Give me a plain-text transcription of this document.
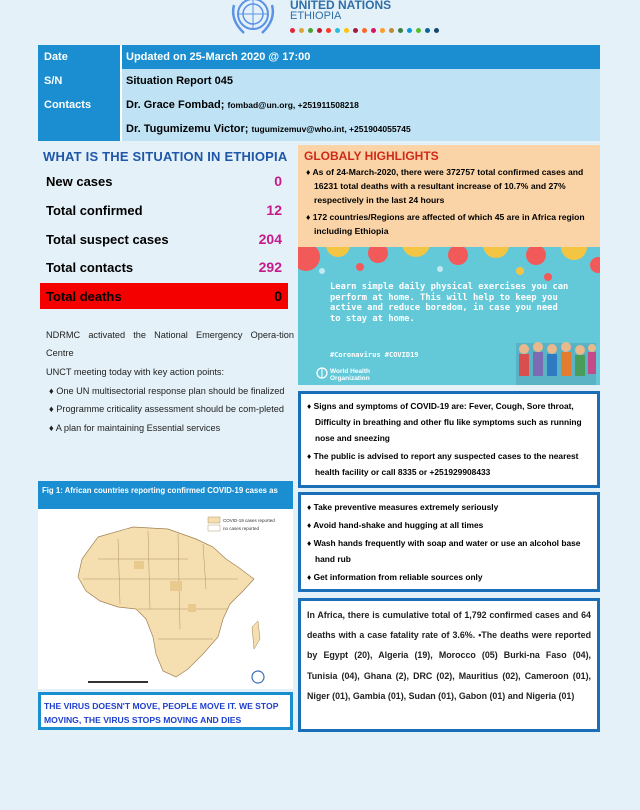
UNITED NATIONS
ETHIOPIA
Date	Updated on 25-March 2020 @ 17:00
S/N	Situation Report 045
Contacts	Dr. Grace Fombad; fombad@un.org, +251911508218
Dr. Tugumizemu Victor; tugumizemuv@who.int, +251904055745
WHAT IS THE SITUATION IN ETHIOPIA
New cases	0
Total confirmed	12
Total suspect cases	204
Total contacts	292
Total deaths	0

NDRMC activated the National Emergency Opera-tion Centre

UNCT meeting today with key action points:

♦ One UN multisectorial response plan should be finalized

♦ Programme criticality assessment should be com-pleted

♦ A plan for maintaining Essential services

Fig 1: African countries reporting confirmed COVID-19 cases as
COVID-19 cases reported
no cases reported
THE VIRUS DOESN'T MOVE, PEOPLE MOVE IT. WE STOP MOVING, THE VIRUS STOPS MOVING AND DIES
GLOBALY HIGHLIGHTS

♦ As of 24-March-2020, there were 372757 total confirmed cases and 16231 total deaths with a resultant increase of 10.7% and 27% respectively in the last 24 hours

♦ 172 countries/Regions are affected of which 45 are in Africa region including Ethiopia

Learn simple daily physical exercises you can perform at home. This will help to keep you active and reduce boredom, in case you need to stay at home.
#Coronavirus #COVID19
World Health Organization

♦ Signs and symptoms of COVID-19 are: Fever, Cough, Sore throat, Difficulty in breathing and other flu like symptoms such as running nose and sneezing

♦ The public is advised to report any suspected cases to the nearest health facility or call 8335 or +251929908433

♦ Take preventive measures extremely seriously

♦ Avoid hand-shake and hugging at all times

♦ Wash hands frequently with soap and water or use an alcohol base hand rub

♦ Get information from reliable sources only

In Africa, there is cumulative total of 1,792 confirmed cases and 64 deaths with a case fatality rate of 3.6%. •The deaths were reported by Egypt (20), Algeria (19), Morocco (05) Burki-na Faso (04), Tunisia (04), Ghana (2), DRC (02), Mauritius (02), Cameroon (01), Niger (01), Gambia (01), Sudan (01), Gabon (01) and Nigeria (01)
